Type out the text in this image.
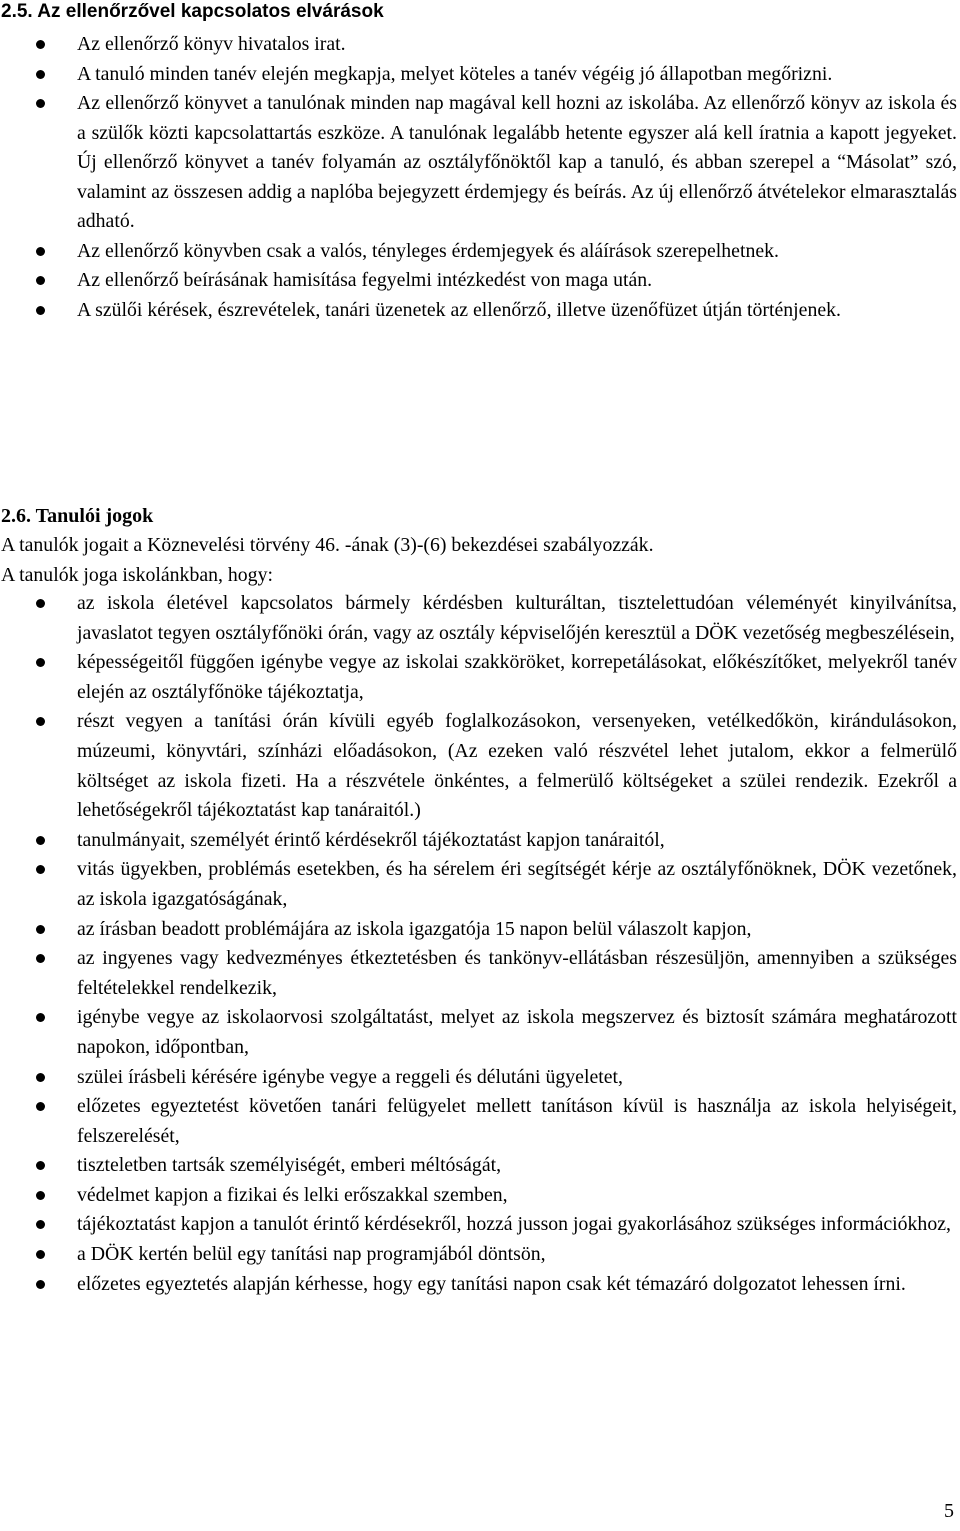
2.5. Az ellenőrzővel kapcsolatos elvárások
Az ellenőrző könyv hivatalos irat.
A tanuló minden tanév elején megkapja, melyet köteles a tanév végéig jó állapotban megőrizni.
Az ellenőrző könyvet a tanulónak minden nap magával kell hozni az iskolába. Az ellenőrző könyv az iskola és a szülők közti kapcsolattartás eszköze. A tanulónak legalább hetente egyszer alá kell íratnia a kapott jegyeket. Új ellenőrző könyvet a tanév folyamán az osztályfőnöktől kap a tanuló, és abban szerepel a “Másolat” szó, valamint az összesen addig a naplóba bejegyzett érdemjegy és beírás. Az új ellenőrző átvételekor elmarasztalás adható.
Az ellenőrző könyvben csak a valós, tényleges érdemjegyek és aláírások szerepelhetnek.
Az ellenőrző beírásának hamisítása fegyelmi intézkedést von maga után.
A szülői kérések, észrevételek, tanári üzenetek az ellenőrző, illetve üzenőfüzet útján történjenek.
2.6. Tanulói jogok

A tanulók jogait a Köznevelési törvény 46. -ának (3)-(6) bekezdései szabályozzák.

A tanulók joga iskolánkban, hogy:

az iskola életével kapcsolatos bármely kérdésben kulturáltan, tisztelettudóan véleményét kinyilvánítsa, javaslatot tegyen osztályfőnöki órán, vagy az osztály képviselőjén keresztül a DÖK vezetőség megbeszélésein,
képességeitől függően igénybe vegye az iskolai szakköröket, korrepetálásokat, előkészítőket, melyekről tanév elején az osztályfőnöke tájékoztatja,
részt vegyen a tanítási órán kívüli egyéb foglalkozásokon, versenyeken, vetélkedőkön, kirándulásokon, múzeumi, könyvtári, színházi előadásokon, (Az ezeken való részvétel lehet jutalom, ekkor a felmerülő költséget az iskola fizeti. Ha a részvétele önkéntes, a felmerülő költségeket a szülei rendezik. Ezekről a lehetőségekről tájékoztatást kap tanáraitól.)
tanulmányait, személyét érintő kérdésekről tájékoztatást kapjon tanáraitól,
vitás ügyekben, problémás esetekben, és ha sérelem éri segítségét kérje az osztályfőnöknek, DÖK vezetőnek, az iskola igazgatóságának,
az írásban beadott problémájára az iskola igazgatója 15 napon belül válaszolt kapjon,
az ingyenes vagy kedvezményes étkeztetésben és tankönyv-ellátásban részesüljön, amennyiben a szükséges feltételekkel rendelkezik,
igénybe vegye az iskolaorvosi szolgáltatást, melyet az iskola megszervez és biztosít számára meghatározott napokon, időpontban,
szülei írásbeli kérésére igénybe vegye a reggeli és délutáni ügyeletet,
előzetes egyeztetést követően tanári felügyelet mellett tanításon kívül is használja az iskola helyiségeit, felszerelését,
tiszteletben tartsák személyiségét, emberi méltóságát,
védelmet kapjon a fizikai és lelki erőszakkal szemben,
tájékoztatást kapjon a tanulót érintő kérdésekről, hozzá jusson jogai gyakorlásához szükséges információkhoz,
a DÖK kertén belül egy tanítási nap programjából döntsön,
előzetes egyeztetés alapján kérhesse, hogy egy tanítási napon csak két témazáró dolgozatot lehessen írni.

5
